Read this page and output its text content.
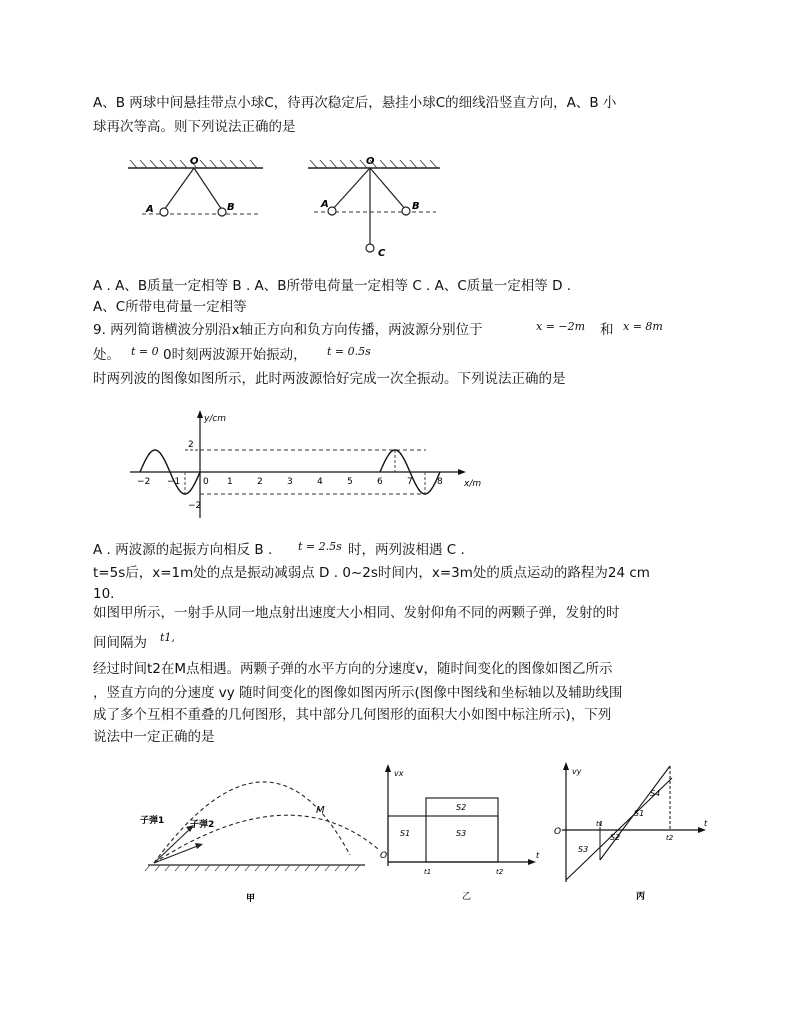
A、B 两球中间悬挂带点小球C，待再次稳定后，悬挂小球C的细线沿竖直方向，A、B 小
球再次等高。则下列说法正确的是
O
A	B
O
A	B
C
A . A、B质量一定相等 B . A、B所带电荷量一定相等 C . A、C质量一定相等 D .
A、C所带电荷量一定相等
9. 两列简谐横波分别沿x轴正方向和负方向传播，两波源分别位于	x = −2m 和 x = 8m
处。 t = 0 0时刻两波源开始振动， t = 0.5s
时两列波的图像如图所示，此时两波源恰好完成一次全振动。下列说法正确的是
y/cm
x/m
2
−2
−2 −1	0 1	2	3	4	5	6	7	8
A . 两波源的起振方向相反 B . t = 2.5s 时，两列波相遇 C .
t=5s后，x=1m处的点是振动减弱点 D . 0~2s时间内，x=3m处的质点运动的路程为24 cm
10.
如图甲所示，一射手从同一地点射出速度大小相同、发射仰角不同的两颗子弹，发射的时
间间隔为 t1,
经过时间t2在M点相遇。两颗子弹的水平方向的分速度v，随时间变化的图像如图乙所示
，竖直方向的分速度 vy 随时间变化的图像如图丙所示(图像中图线和坐标轴以及辅助线围
成了多个互相不重叠的几何图形，其中部分几何图形的面积大小如图中标注所示)，下列
说法中一定正确的是
子弹1	子弹2
M
甲
vx
O	t
S2
S1	S3
t1	t2
乙
vy
O
t
S1
S2
S3
S4
t1
t2
丙
